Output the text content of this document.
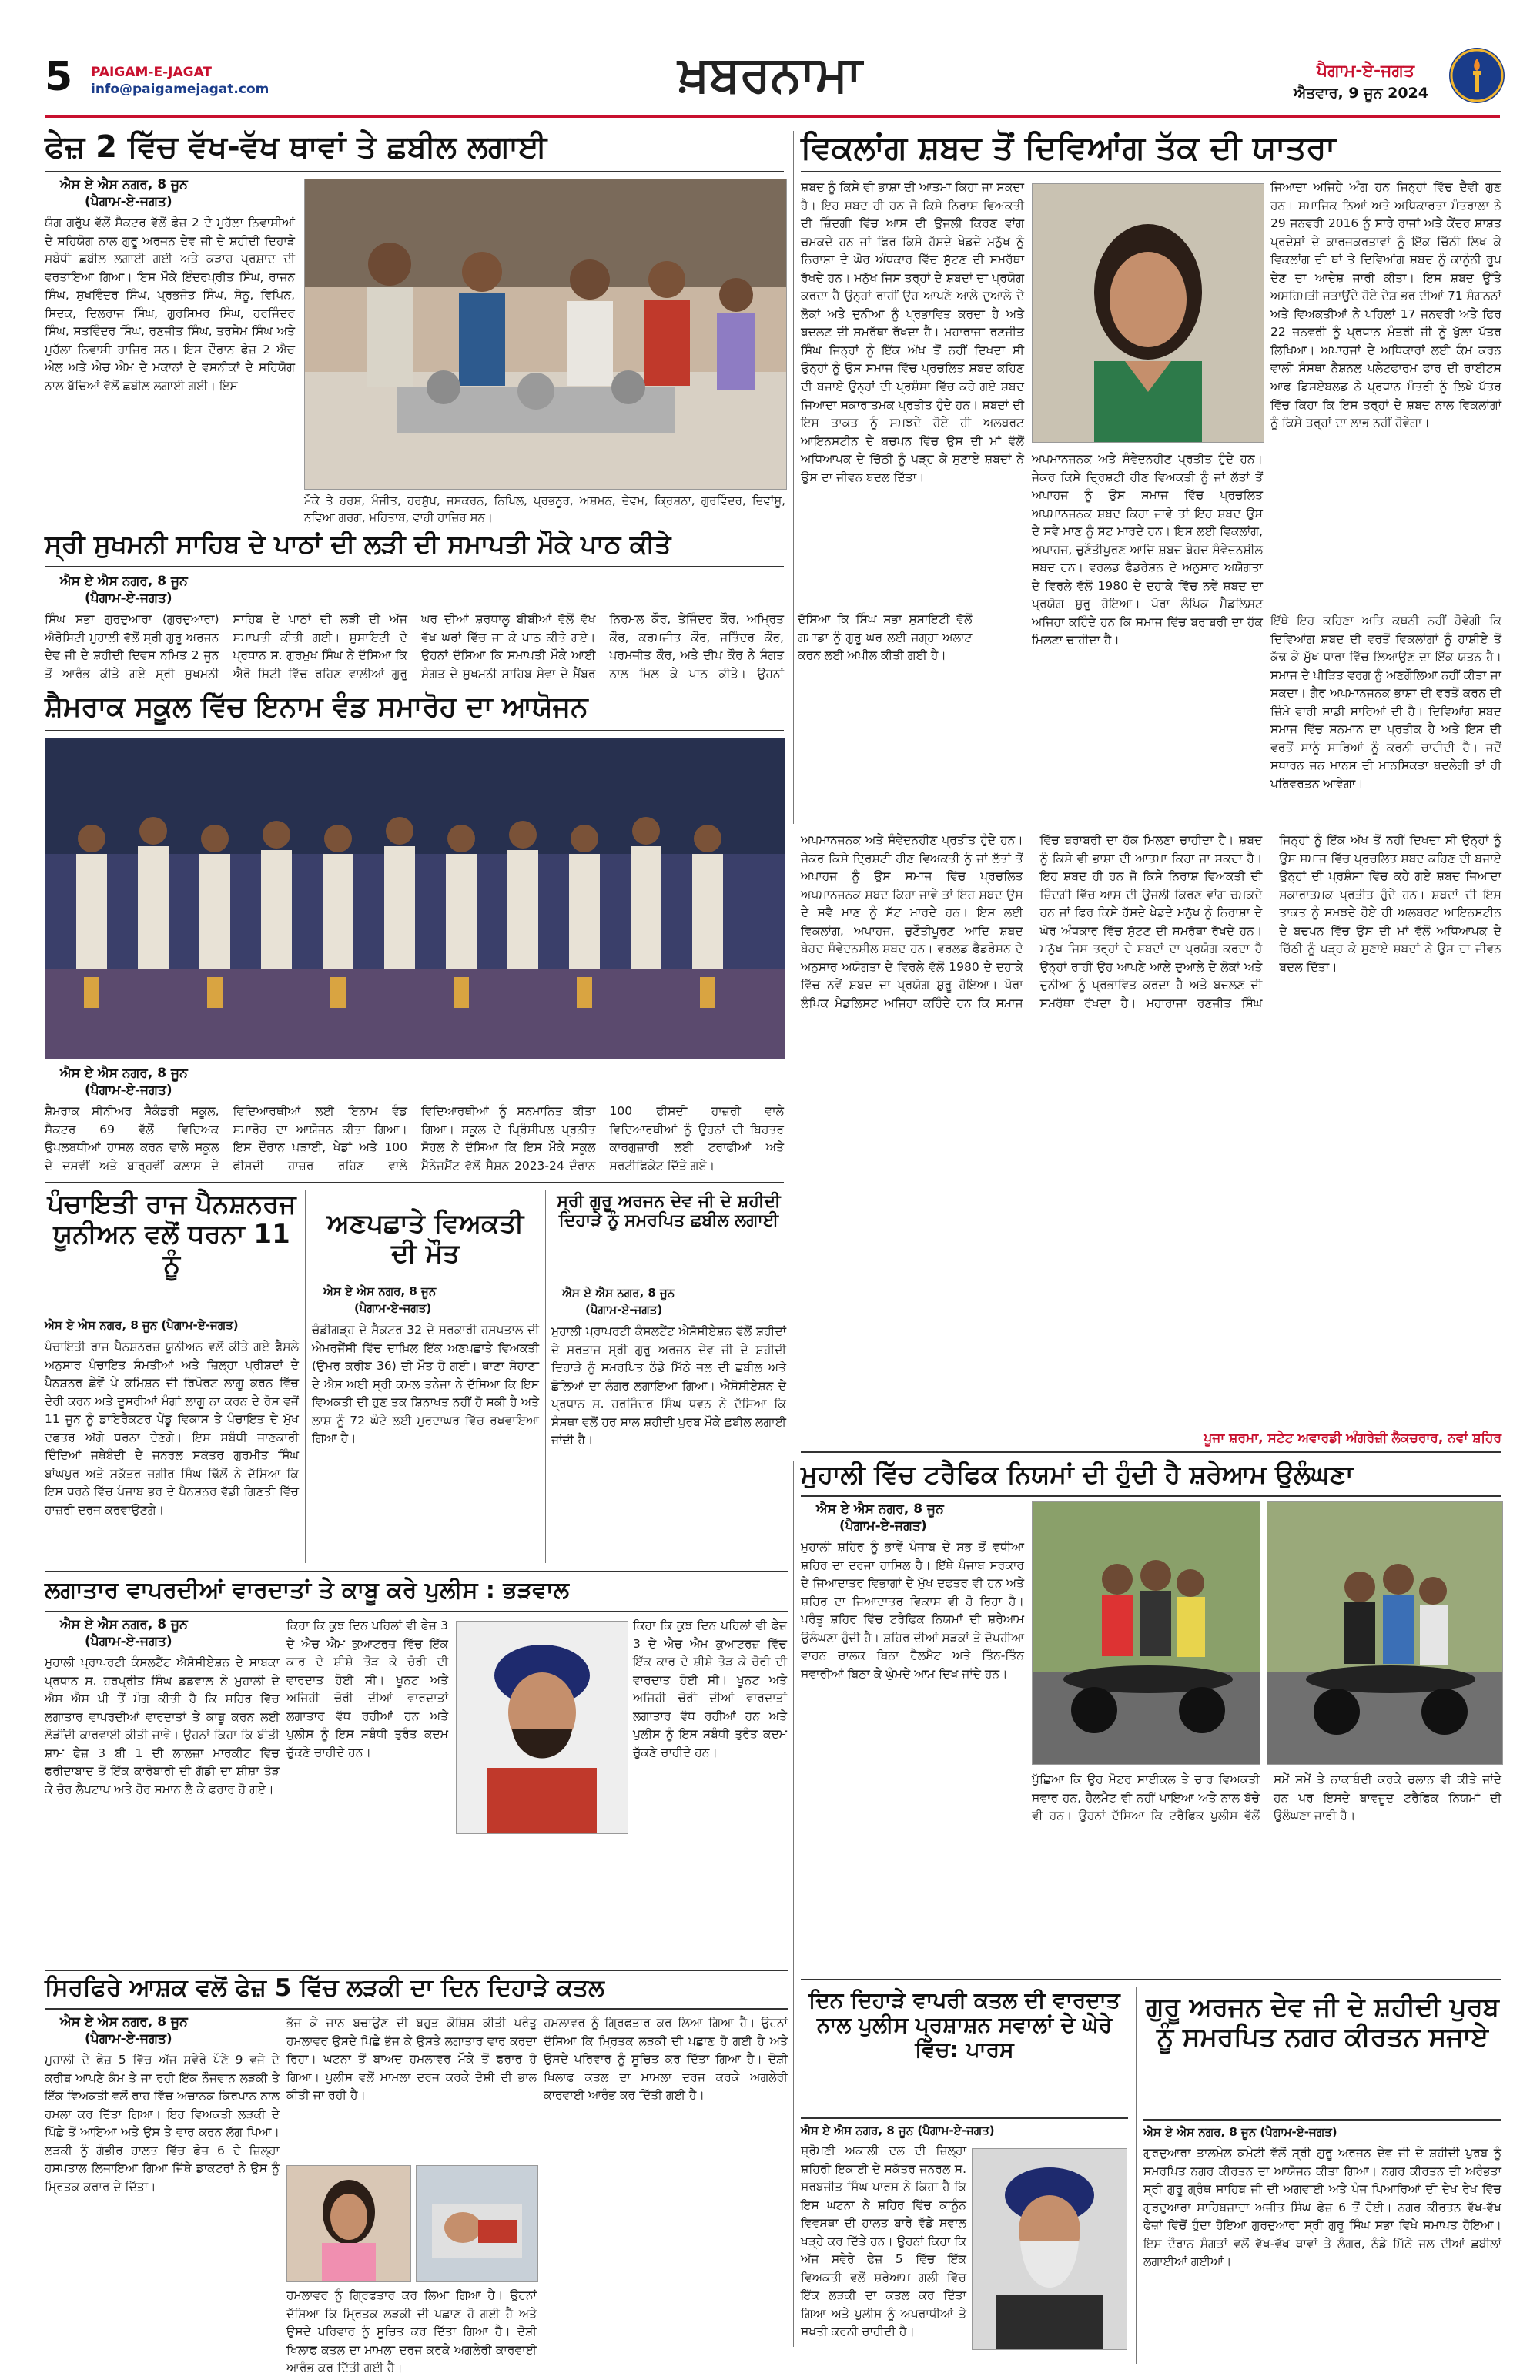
5 PAIGAM-E-JAGAT
info@paigamejagat.com	ਖ਼ਬਰਨਾਮਾ	ਪੈਗਾਮ-ਏ-ਜਗਤ
ਐਤਵਾਰ, 9 ਜੂਨ 2024
ਫੇਜ਼ 2 ਵਿੱਚ ਵੱਖ-ਵੱਖ ਥਾਵਾਂ ਤੇ ਛਬੀਲ ਲਗਾਈ
ਐਸ ਏ ਐਸ ਨਗਰ, 8 ਜੂਨ
(ਪੈਗਾਮ-ਏ-ਜਗਤ)
ਯੰਗ ਗਰੁੱਪ ਵੱਲੋਂ ਸੈਕਟਰ ਵੱਲੋਂ ਫੇਜ਼ 2 ਦੇ ਮੁਹੱਲਾ ਨਿਵਾਸੀਆਂ ਦੇ ਸਹਿਯੋਗ ਨਾਲ ਗੁਰੂ ਅਰਜਨ ਦੇਵ ਜੀ ਦੇ ਸ਼ਹੀਦੀ ਦਿਹਾੜੇ ਸਬੰਧੀ ਛਬੀਲ ਲਗਾਈ ਗਈ ਅਤੇ ਕੜਾਹ ਪ੍ਰਸ਼ਾਦ ਦੀ ਵਰਤਾਇਆ ਗਿਆ। ਇਸ ਮੌਕੇ ਇੰਦਰਪ੍ਰੀਤ ਸਿੰਘ, ਰਾਜਨ ਸਿੰਘ, ਸੁਖਵਿੰਦਰ ਸਿੰਘ, ਪ੍ਰਭਜੋਤ ਸਿੰਘ, ਸੋਨੂ, ਵਿਪਿਨ, ਸਿਦਕ, ਦਿਲਰਾਜ ਸਿੰਘ, ਗੁਰਸਿਮਰ ਸਿੰਘ, ਹਰਜਿੰਦਰ ਸਿੰਘ, ਸਤਵਿੰਦਰ ਸਿੰਘ, ਰਣਜੀਤ ਸਿੰਘ, ਤਰਸੇਮ ਸਿੰਘ ਅਤੇ ਮੁਹੱਲਾ ਨਿਵਾਸੀ ਹਾਜ਼ਿਰ ਸਨ। ਇਸ ਦੌਰਾਨ ਫੇਜ਼ 2 ਐਚ ਐਲ ਅਤੇ ਐਚ ਐਮ ਦੇ ਮਕਾਨਾਂ ਦੇ ਵਸਨੀਕਾਂ ਦੇ ਸਹਿਯੋਗ ਨਾਲ ਬੱਚਿਆਂ ਵੱਲੋਂ ਛਬੀਲ ਲਗਾਈ ਗਈ। ਇਸ
ਮੌਕੇ ਤੇ ਹਰਸ਼, ਮੰਜੀਤ, ਹਰਸ਼ੁੱਖ, ਜਸਕਰਨ, ਨਿਖਿਲ, ਪ੍ਰਭਨੂਰ, ਅਸ਼ਮਨ, ਦੇਵਮ, ਕ੍ਰਿਸ਼ਨਾ, ਗੁਰਵਿੰਦਰ, ਦਿਵਾਂਸ਼ੂ, ਨਵਿਆ ਗਰਗ, ਮਹਿਤਾਬ, ਵਾਹੀ ਹਾਜ਼ਿਰ ਸਨ।
ਸ੍ਰੀ ਸੁਖਮਨੀ ਸਾਹਿਬ ਦੇ ਪਾਠਾਂ ਦੀ ਲੜੀ ਦੀ ਸਮਾਪਤੀ ਮੌਕੇ ਪਾਠ ਕੀਤੇ
ਐਸ ਏ ਐਸ ਨਗਰ, 8 ਜੂਨ
(ਪੈਗਾਮ-ਏ-ਜਗਤ)
ਸਿੰਘ ਸਭਾ ਗੁਰਦੁਆਰਾ (ਗੁਰਦੁਆਰਾ) ਐਰੋਸਿਟੀ ਮੁਹਾਲੀ ਵੱਲੋਂ ਸ੍ਰੀ ਗੁਰੂ ਅਰਜਨ ਦੇਵ ਜੀ ਦੇ ਸ਼ਹੀਦੀ ਦਿਵਸ ਨਮਿਤ 2 ਜੂਨ ਤੋਂ ਆਰੰਭ ਕੀਤੇ ਗਏ ਸ੍ਰੀ ਸੁਖਮਨੀ ਸਾਹਿਬ ਦੇ ਪਾਠਾਂ ਦੀ ਲੜੀ ਦੀ ਅੱਜ ਸਮਾਪਤੀ ਕੀਤੀ ਗਈ। ਸੁਸਾਇਟੀ ਦੇ ਪ੍ਰਧਾਨ ਸ. ਗੁਰਮੁਖ ਸਿੰਘ ਨੇ ਦੱਸਿਆ ਕਿ ਐਰੋ ਸਿਟੀ ਵਿੱਚ ਰਹਿਣ ਵਾਲੀਆਂ ਗੁਰੂ ਘਰ ਦੀਆਂ ਸ਼ਰਧਾਲੂ ਬੀਬੀਆਂ ਵੱਲੋਂ ਵੱਖ ਵੱਖ ਘਰਾਂ ਵਿੱਚ ਜਾ ਕੇ ਪਾਠ ਕੀਤੇ ਗਏ। ਉਹਨਾਂ ਦੱਸਿਆ ਕਿ ਸਮਾਪਤੀ ਮੌਕੇ ਆਈ ਸੰਗਤ ਦੇ ਸੁਖਮਨੀ ਸਾਹਿਬ ਸੇਵਾ ਦੇ ਮੈਂਬਰ ਨਿਰਮਲ ਕੌਰ, ਤੇਜਿੰਦਰ ਕੌਰ, ਅਮ੍ਰਿਤ ਕੌਰ, ਕਰਮਜੀਤ ਕੌਰ, ਜਤਿੰਦਰ ਕੌਰ, ਪਰਮਜੀਤ ਕੌਰ, ਅਤੇ ਦੀਪ ਕੌਰ ਨੇ ਸੰਗਤ ਨਾਲ ਮਿਲ ਕੇ ਪਾਠ ਕੀਤੇ। ਉਹਨਾਂ ਦੱਸਿਆ ਕਿ ਸਿੰਘ ਸਭਾ ਸੁਸਾਇਟੀ ਵੱਲੋਂ ਗਮਾਡਾ ਨੂੰ ਗੁਰੂ ਘਰ ਲਈ ਜਗ੍ਹਾ ਅਲਾਟ ਕਰਨ ਲਈ ਅਪੀਲ ਕੀਤੀ ਗਈ ਹੈ।
ਸ਼ੈਮਰਾਕ ਸਕੂਲ ਵਿੱਚ ਇਨਾਮ ਵੰਡ ਸਮਾਰੋਹ ਦਾ ਆਯੋਜਨ
ਐਸ ਏ ਐਸ ਨਗਰ, 8 ਜੂਨ
(ਪੈਗਾਮ-ਏ-ਜਗਤ)
ਸ਼ੈਮਰਾਕ ਸੀਨੀਅਰ ਸੈਕੰਡਰੀ ਸਕੂਲ, ਸੈਕਟਰ 69 ਵੱਲੋਂ ਵਿਦਿਅਕ ਉਪਲਬਧੀਆਂ ਹਾਸਲ ਕਰਨ ਵਾਲੇ ਸਕੂਲ ਦੇ ਦਸਵੀਂ ਅਤੇ ਬਾਰ੍ਹਵੀਂ ਕਲਾਸ ਦੇ ਵਿਦਿਆਰਥੀਆਂ ਲਈ ਇਨਾਮ ਵੰਡ ਸਮਾਰੋਹ ਦਾ ਆਯੋਜਨ ਕੀਤਾ ਗਿਆ। ਇਸ ਦੌਰਾਨ ਪੜਾਈ, ਖੇਡਾਂ ਅਤੇ 100 ਫੀਸਦੀ ਹਾਜ਼ਰ ਰਹਿਣ ਵਾਲੇ ਵਿਦਿਆਰਥੀਆਂ ਨੂੰ ਸਨਮਾਨਿਤ ਕੀਤਾ ਗਿਆ। ਸਕੂਲ ਦੇ ਪ੍ਰਿੰਸੀਪਲ ਪ੍ਰਨੀਤ ਸੋਹਲ ਨੇ ਦੱਸਿਆ ਕਿ ਇਸ ਮੌਕੇ ਸਕੂਲ ਮੈਨੇਜਮੈਂਟ ਵੱਲੋਂ ਸੈਸ਼ਨ 2023-24 ਦੌਰਾਨ 100 ਫੀਸਦੀ ਹਾਜ਼ਰੀ ਵਾਲੇ ਵਿਦਿਆਰਥੀਆਂ ਨੂੰ ਉਹਨਾਂ ਦੀ ਬਿਹਤਰ ਕਾਰਗੁਜ਼ਾਰੀ ਲਈ ਟਰਾਫੀਆਂ ਅਤੇ ਸਰਟੀਫਿਕੇਟ ਦਿੱਤੇ ਗਏ।
ਪੰਚਾਇਤੀ ਰਾਜ ਪੈਨਸ਼ਨਰਜ ਯੂਨੀਅਨ ਵਲੋਂ ਧਰਨਾ 11 ਨੂੰ
ਐਸ ਏ ਐਸ ਨਗਰ, 8 ਜੂਨ (ਪੈਗਾਮ-ਏ-ਜਗਤ)
ਪੰਚਾਇਤੀ ਰਾਜ ਪੈਨਸ਼ਨਰਜ਼ ਯੂਨੀਅਨ ਵਲੋਂ ਕੀਤੇ ਗਏ ਫੈਸਲੇ ਅਨੁਸਾਰ ਪੰਚਾਇਤ ਸੰਮਤੀਆਂ ਅਤੇ ਜ਼ਿਲ੍ਹਾ ਪ੍ਰੀਸ਼ਦਾਂ ਦੇ ਪੈਨਸ਼ਨਰ ਛੇਵੇਂ ਪੇ ਕਮਿਸ਼ਨ ਦੀ ਰਿਪੋਰਟ ਲਾਗੂ ਕਰਨ ਵਿੱਚ ਦੇਰੀ ਕਰਨ ਅਤੇ ਦੂਸਰੀਆਂ ਮੰਗਾਂ ਲਾਗੂ ਨਾ ਕਰਨ ਦੇ ਰੋਸ ਵਜੋਂ 11 ਜੂਨ ਨੂੰ ਡਾਇਰੈਕਟਰ ਪੇਂਡੂ ਵਿਕਾਸ ਤੇ ਪੰਚਾਇਤ ਦੇ ਮੁੱਖ ਦਫਤਰ ਅੱਗੇ ਧਰਨਾ ਦੇਣਗੇ। ਇਸ ਸਬੰਧੀ ਜਾਣਕਾਰੀ ਦਿੰਦਿਆਂ ਜਥੇਬੰਦੀ ਦੇ ਜਨਰਲ ਸਕੱਤਰ ਗੁਰਮੀਤ ਸਿੰਘ ਬਾਂਘਪੁਰ ਅਤੇ ਸਕੱਤਰ ਜਗੀਰ ਸਿੰਘ ਢਿੱਲੋਂ ਨੇ ਦੱਸਿਆ ਕਿ ਇਸ ਧਰਨੇ ਵਿੱਚ ਪੰਜਾਬ ਭਰ ਦੇ ਪੈਨਸ਼ਨਰ ਵੱਡੀ ਗਿਣਤੀ ਵਿੱਚ ਹਾਜ਼ਰੀ ਦਰਜ ਕਰਵਾਉਣਗੇ।
ਅਣਪਛਾਤੇ ਵਿਅਕਤੀ ਦੀ ਮੌਤ
ਐਸ ਏ ਐਸ ਨਗਰ, 8 ਜੂਨ
(ਪੈਗਾਮ-ਏ-ਜਗਤ)
ਚੰਡੀਗੜ੍ਹ ਦੇ ਸੈਕਟਰ 32 ਦੇ ਸਰਕਾਰੀ ਹਸਪਤਾਲ ਦੀ ਐਮਰਜੈਂਸੀ ਵਿੱਚ ਦਾਖ਼ਿਲ ਇੱਕ ਅਣਪਛਾਤੇ ਵਿਅਕਤੀ (ਉਮਰ ਕਰੀਬ 36) ਦੀ ਮੌਤ ਹੋ ਗਈ। ਥਾਣਾ ਸੋਹਾਣਾ ਦੇ ਐਸ ਅਈ ਸ੍ਰੀ ਕਮਲ ਤਨੇਜਾ ਨੇ ਦੱਸਿਆ ਕਿ ਇਸ ਵਿਅਕਤੀ ਦੀ ਹੁਣ ਤਕ ਸ਼ਿਨਾਖਤ ਨਹੀਂ ਹੋ ਸਕੀ ਹੈ ਅਤੇ ਲਾਸ਼ ਨੂੰ 72 ਘੰਟੇ ਲਈ ਮੁਰਦਾਘਰ ਵਿੱਚ ਰਖਵਾਇਆ ਗਿਆ ਹੈ।
ਸ੍ਰੀ ਗੁਰੂ ਅਰਜਨ ਦੇਵ ਜੀ ਦੇ ਸ਼ਹੀਦੀ ਦਿਹਾੜੇ ਨੂੰ ਸਮਰਪਿਤ ਛਬੀਲ ਲਗਾਈ
ਐਸ ਏ ਐਸ ਨਗਰ, 8 ਜੂਨ
(ਪੈਗਾਮ-ਏ-ਜਗਤ)
ਮੁਹਾਲੀ ਪ੍ਰਾਪਰਟੀ ਕੰਸਲਟੈਂਟ ਐਸੋਸੀਏਸ਼ਨ ਵੱਲੋਂ ਸ਼ਹੀਦਾਂ ਦੇ ਸਰਤਾਜ ਸ੍ਰੀ ਗੁਰੂ ਅਰਜਨ ਦੇਵ ਜੀ ਦੇ ਸ਼ਹੀਦੀ ਦਿਹਾੜੇ ਨੂੰ ਸਮਰਪਿਤ ਠੰਡੇ ਮਿੱਠੇ ਜਲ ਦੀ ਛਬੀਲ ਅਤੇ ਛੋਲਿਆਂ ਦਾ ਲੰਗਰ ਲਗਾਇਆ ਗਿਆ। ਐਸੋਸੀਏਸ਼ਨ ਦੇ ਪ੍ਰਧਾਨ ਸ. ਹਰਜਿੰਦਰ ਸਿੰਘ ਧਵਨ ਨੇ ਦੱਸਿਆ ਕਿ ਸੰਸਥਾ ਵਲੋਂ ਹਰ ਸਾਲ ਸ਼ਹੀਦੀ ਪੁਰਬ ਮੌਕੇ ਛਬੀਲ ਲਗਾਈ ਜਾਂਦੀ ਹੈ।
ਵਿਕਲਾਂਗ ਸ਼ਬਦ ਤੋਂ ਦਿਵਿਆਂਗ ਤੱਕ ਦੀ ਯਾਤਰਾ
ਸ਼ਬਦ ਨੂੰ ਕਿਸੇ ਵੀ ਭਾਸ਼ਾ ਦੀ ਆਤਮਾ ਕਿਹਾ ਜਾ ਸਕਦਾ ਹੈ। ਇਹ ਸ਼ਬਦ ਹੀ ਹਨ ਜੋ ਕਿਸੇ ਨਿਰਾਸ਼ ਵਿਅਕਤੀ ਦੀ ਜ਼ਿੰਦਗੀ ਵਿੱਚ ਆਸ ਦੀ ਉਜਲੀ ਕਿਰਣ ਵਾਂਗ ਚਮਕਦੇ ਹਨ ਜਾਂ ਫਿਰ ਕਿਸੇ ਹੱਸਦੇ ਖੇਡਦੇ ਮਨੁੱਖ ਨੂੰ ਨਿਰਾਸ਼ਾ ਦੇ ਘੋਰ ਅੰਧਕਾਰ ਵਿੱਚ ਸੁੱਟਣ ਦੀ ਸਮਰੱਥਾ ਰੱਖਦੇ ਹਨ। ਮਨੁੱਖ ਜਿਸ ਤਰ੍ਹਾਂ ਦੇ ਸ਼ਬਦਾਂ ਦਾ ਪ੍ਰਯੋਗ ਕਰਦਾ ਹੈ ਉਨ੍ਹਾਂ ਰਾਹੀਂ ਉਹ ਆਪਣੇ ਆਲੇ ਦੁਆਲੇ ਦੇ ਲੋਕਾਂ ਅਤੇ ਦੁਨੀਆ ਨੂੰ ਪ੍ਰਭਾਵਿਤ ਕਰਦਾ ਹੈ ਅਤੇ ਬਦਲਣ ਦੀ ਸਮਰੱਥਾ ਰੱਖਦਾ ਹੈ। ਮਹਾਰਾਜਾ ਰਣਜੀਤ ਸਿੰਘ ਜਿਨ੍ਹਾਂ ਨੂੰ ਇੱਕ ਅੱਖ ਤੋਂ ਨਹੀਂ ਦਿਖਦਾ ਸੀ ਉਨ੍ਹਾਂ ਨੂੰ ਉਸ ਸਮਾਜ ਵਿੱਚ ਪ੍ਰਚਲਿਤ ਸ਼ਬਦ ਕਹਿਣ ਦੀ ਬਜਾਏ ਉਨ੍ਹਾਂ ਦੀ ਪ੍ਰਸ਼ੰਸਾ ਵਿੱਚ ਕਹੇ ਗਏ ਸ਼ਬਦ ਜਿਆਦਾ ਸਕਾਰਾਤਮਕ ਪ੍ਰਤੀਤ ਹੁੰਦੇ ਹਨ। ਸ਼ਬਦਾਂ ਦੀ ਇਸ ਤਾਕਤ ਨੂੰ ਸਮਝਦੇ ਹੋਏ ਹੀ ਅਲਬਰਟ ਆਇਨਸਟੀਨ ਦੇ ਬਚਪਨ ਵਿੱਚ ਉਸ ਦੀ ਮਾਂ ਵੱਲੋਂ ਅਧਿਆਪਕ ਦੇ ਚਿੱਠੀ ਨੂੰ ਪੜ੍ਹ ਕੇ ਸੁਣਾਏ ਸ਼ਬਦਾਂ ਨੇ ਉਸ ਦਾ ਜੀਵਨ ਬਦਲ ਦਿੱਤਾ।
ਅਪਮਾਨਜਨਕ ਅਤੇ ਸੰਵੇਦਨਹੀਣ ਪ੍ਰਤੀਤ ਹੁੰਦੇ ਹਨ। ਜੇਕਰ ਕਿਸੇ ਦ੍ਰਿਸ਼ਟੀ ਹੀਣ ਵਿਅਕਤੀ ਨੂੰ ਜਾਂ ਲੱਤਾਂ ਤੋਂ ਅਪਾਹਜ ਨੂੰ ਉਸ ਸਮਾਜ ਵਿੱਚ ਪ੍ਰਚਲਿਤ ਅਪਮਾਨਜਨਕ ਸ਼ਬਦ ਕਿਹਾ ਜਾਵੇ ਤਾਂ ਇਹ ਸ਼ਬਦ ਉਸ ਦੇ ਸਵੈ ਮਾਣ ਨੂੰ ਸੱਟ ਮਾਰਦੇ ਹਨ। ਇਸ ਲਈ ਵਿਕਲਾਂਗ, ਅਪਾਹਜ, ਚੁਣੌਤੀਪੂਰਣ ਆਦਿ ਸ਼ਬਦ ਬੇਹਦ ਸੰਵੇਦਨਸ਼ੀਲ ਸ਼ਬਦ ਹਨ। ਵਰਲਡ ਫੈਡਰੇਸ਼ਨ ਦੇ ਅਨੁਸਾਰ ਅਯੋਗਤਾ ਦੇ ਵਿਰਲੇ ਵੱਲੋਂ 1980 ਦੇ ਦਹਾਕੇ ਵਿੱਚ ਨਵੇਂ ਸ਼ਬਦ ਦਾ ਪ੍ਰਯੋਗ ਸ਼ੁਰੂ ਹੋਇਆ। ਪੋਰਾ ਲੰਪਿਕ ਮੈਡਲਿਸਟ ਅਜਿਹਾ ਕਹਿੰਦੇ ਹਨ ਕਿ ਸਮਾਜ ਵਿੱਚ ਬਰਾਬਰੀ ਦਾ ਹੱਕ ਮਿਲਣਾ ਚਾਹੀਦਾ ਹੈ।
ਜਿਆਦਾ ਅਜਿਹੇ ਅੰਗ ਹਨ ਜਿਨ੍ਹਾਂ ਵਿੱਚ ਦੈਵੀ ਗੁਣ ਹਨ। ਸਮਾਜਿਕ ਨਿਆਂ ਅਤੇ ਅਧਿਕਾਰਤਾ ਮੰਤਰਾਲਾ ਨੇ 29 ਜਨਵਰੀ 2016 ਨੂੰ ਸਾਰੇ ਰਾਜਾਂ ਅਤੇ ਕੇਂਦਰ ਸ਼ਾਸ਼ਤ ਪ੍ਰਦੇਸ਼ਾਂ ਦੇ ਕਾਰਜਕਰਤਾਵਾਂ ਨੂੰ ਇੱਕ ਚਿੱਠੀ ਲਿਖ ਕੇ ਵਿਕਲਾਂਗ ਦੀ ਥਾਂ ਤੇ ਦਿਵਿਆਂਗ ਸ਼ਬਦ ਨੂੰ ਕਾਨੂੰਨੀ ਰੂਪ ਦੇਣ ਦਾ ਆਦੇਸ਼ ਜਾਰੀ ਕੀਤਾ। ਇਸ ਸ਼ਬਦ ਉੱਤੇ ਅਸਹਿਮਤੀ ਜਤਾਉਂਦੇ ਹੋਏ ਦੇਸ਼ ਭਰ ਦੀਆਂ 71 ਸੰਗਠਨਾਂ ਅਤੇ ਵਿਅਕਤੀਆਂ ਨੇ ਪਹਿਲਾਂ 17 ਜਨਵਰੀ ਅਤੇ ਫਿਰ 22 ਜਨਵਰੀ ਨੂੰ ਪ੍ਰਧਾਨ ਮੰਤਰੀ ਜੀ ਨੂੰ ਖੁੱਲਾ ਪੱਤਰ ਲਿਖਿਆ। ਅਪਾਹਜਾਂ ਦੇ ਅਧਿਕਾਰਾਂ ਲਈ ਕੰਮ ਕਰਨ ਵਾਲੀ ਸੰਸਥਾ ਨੈਸ਼ਨਲ ਪਲੇਟਫਾਰਮ ਫਾਰ ਦੀ ਰਾਈਟਸ ਆਫ ਡਿਸਏਬਲਡ ਨੇ ਪ੍ਰਧਾਨ ਮੰਤਰੀ ਨੂੰ ਲਿਖੇ ਪੱਤਰ ਵਿੱਚ ਕਿਹਾ ਕਿ ਇਸ ਤਰ੍ਹਾਂ ਦੇ ਸ਼ਬਦ ਨਾਲ ਵਿਕਲਾਂਗਾਂ ਨੂੰ ਕਿਸੇ ਤਰ੍ਹਾਂ ਦਾ ਲਾਭ ਨਹੀਂ ਹੋਵੇਗਾ।
ਇੱਥੇ ਇਹ ਕਹਿਣਾ ਅਤਿ ਕਥਨੀ ਨਹੀਂ ਹੋਵੇਗੀ ਕਿ ਦਿਵਿਆਂਗ ਸ਼ਬਦ ਦੀ ਵਰਤੋਂ ਵਿਕਲਾਂਗਾਂ ਨੂੰ ਹਾਸ਼ੀਏ ਤੋਂ ਕੱਢ ਕੇ ਮੁੱਖ ਧਾਰਾ ਵਿੱਚ ਲਿਆਉਣ ਦਾ ਇੱਕ ਯਤਨ ਹੈ। ਸਮਾਜ ਦੇ ਪੀੜਿਤ ਵਰਗ ਨੂੰ ਅਣਗੌਲਿਆ ਨਹੀਂ ਕੀਤਾ ਜਾ ਸਕਦਾ। ਗੈਰ ਅਪਮਾਨਜਨਕ ਭਾਸ਼ਾ ਦੀ ਵਰਤੋਂ ਕਰਨ ਦੀ ਜ਼ਿੰਮੇ ਵਾਰੀ ਸਾਡੀ ਸਾਰਿਆਂ ਦੀ ਹੈ। ਦਿਵਿਆਂਗ ਸ਼ਬਦ ਸਮਾਜ ਵਿੱਚ ਸਨਮਾਨ ਦਾ ਪ੍ਰਤੀਕ ਹੈ ਅਤੇ ਇਸ ਦੀ ਵਰਤੋਂ ਸਾਨੂੰ ਸਾਰਿਆਂ ਨੂੰ ਕਰਨੀ ਚਾਹੀਦੀ ਹੈ। ਜਦੋਂ ਸਧਾਰਨ ਜਨ ਮਾਨਸ ਦੀ ਮਾਨਸਿਕਤਾ ਬਦਲੇਗੀ ਤਾਂ ਹੀ ਪਰਿਵਰਤਨ ਆਵੇਗਾ।
ਪੂਜਾ ਸ਼ਰਮਾ, ਸਟੇਟ ਅਵਾਰਡੀ ਅੰਗਰੇਜ਼ੀ ਲੈਕਚਰਾਰ, ਨਵਾਂ ਸ਼ਹਿਰ
ਅਪਮਾਨਜਨਕ ਅਤੇ ਸੰਵੇਦਨਹੀਣ ਪ੍ਰਤੀਤ ਹੁੰਦੇ ਹਨ। ਜੇਕਰ ਕਿਸੇ ਦ੍ਰਿਸ਼ਟੀ ਹੀਣ ਵਿਅਕਤੀ ਨੂੰ ਜਾਂ ਲੱਤਾਂ ਤੋਂ ਅਪਾਹਜ ਨੂੰ ਉਸ ਸਮਾਜ ਵਿੱਚ ਪ੍ਰਚਲਿਤ ਅਪਮਾਨਜਨਕ ਸ਼ਬਦ ਕਿਹਾ ਜਾਵੇ ਤਾਂ ਇਹ ਸ਼ਬਦ ਉਸ ਦੇ ਸਵੈ ਮਾਣ ਨੂੰ ਸੱਟ ਮਾਰਦੇ ਹਨ। ਇਸ ਲਈ ਵਿਕਲਾਂਗ, ਅਪਾਹਜ, ਚੁਣੌਤੀਪੂਰਣ ਆਦਿ ਸ਼ਬਦ ਬੇਹਦ ਸੰਵੇਦਨਸ਼ੀਲ ਸ਼ਬਦ ਹਨ। ਵਰਲਡ ਫੈਡਰੇਸ਼ਨ ਦੇ ਅਨੁਸਾਰ ਅਯੋਗਤਾ ਦੇ ਵਿਰਲੇ ਵੱਲੋਂ 1980 ਦੇ ਦਹਾਕੇ ਵਿੱਚ ਨਵੇਂ ਸ਼ਬਦ ਦਾ ਪ੍ਰਯੋਗ ਸ਼ੁਰੂ ਹੋਇਆ। ਪੋਰਾ ਲੰਪਿਕ ਮੈਡਲਿਸਟ ਅਜਿਹਾ ਕਹਿੰਦੇ ਹਨ ਕਿ ਸਮਾਜ ਵਿੱਚ ਬਰਾਬਰੀ ਦਾ ਹੱਕ ਮਿਲਣਾ ਚਾਹੀਦਾ ਹੈ। ਸ਼ਬਦ ਨੂੰ ਕਿਸੇ ਵੀ ਭਾਸ਼ਾ ਦੀ ਆਤਮਾ ਕਿਹਾ ਜਾ ਸਕਦਾ ਹੈ। ਇਹ ਸ਼ਬਦ ਹੀ ਹਨ ਜੋ ਕਿਸੇ ਨਿਰਾਸ਼ ਵਿਅਕਤੀ ਦੀ ਜ਼ਿੰਦਗੀ ਵਿੱਚ ਆਸ ਦੀ ਉਜਲੀ ਕਿਰਣ ਵਾਂਗ ਚਮਕਦੇ ਹਨ ਜਾਂ ਫਿਰ ਕਿਸੇ ਹੱਸਦੇ ਖੇਡਦੇ ਮਨੁੱਖ ਨੂੰ ਨਿਰਾਸ਼ਾ ਦੇ ਘੋਰ ਅੰਧਕਾਰ ਵਿੱਚ ਸੁੱਟਣ ਦੀ ਸਮਰੱਥਾ ਰੱਖਦੇ ਹਨ। ਮਨੁੱਖ ਜਿਸ ਤਰ੍ਹਾਂ ਦੇ ਸ਼ਬਦਾਂ ਦਾ ਪ੍ਰਯੋਗ ਕਰਦਾ ਹੈ ਉਨ੍ਹਾਂ ਰਾਹੀਂ ਉਹ ਆਪਣੇ ਆਲੇ ਦੁਆਲੇ ਦੇ ਲੋਕਾਂ ਅਤੇ ਦੁਨੀਆ ਨੂੰ ਪ੍ਰਭਾਵਿਤ ਕਰਦਾ ਹੈ ਅਤੇ ਬਦਲਣ ਦੀ ਸਮਰੱਥਾ ਰੱਖਦਾ ਹੈ। ਮਹਾਰਾਜਾ ਰਣਜੀਤ ਸਿੰਘ ਜਿਨ੍ਹਾਂ ਨੂੰ ਇੱਕ ਅੱਖ ਤੋਂ ਨਹੀਂ ਦਿਖਦਾ ਸੀ ਉਨ੍ਹਾਂ ਨੂੰ ਉਸ ਸਮਾਜ ਵਿੱਚ ਪ੍ਰਚਲਿਤ ਸ਼ਬਦ ਕਹਿਣ ਦੀ ਬਜਾਏ ਉਨ੍ਹਾਂ ਦੀ ਪ੍ਰਸ਼ੰਸਾ ਵਿੱਚ ਕਹੇ ਗਏ ਸ਼ਬਦ ਜਿਆਦਾ ਸਕਾਰਾਤਮਕ ਪ੍ਰਤੀਤ ਹੁੰਦੇ ਹਨ। ਸ਼ਬਦਾਂ ਦੀ ਇਸ ਤਾਕਤ ਨੂੰ ਸਮਝਦੇ ਹੋਏ ਹੀ ਅਲਬਰਟ ਆਇਨਸਟੀਨ ਦੇ ਬਚਪਨ ਵਿੱਚ ਉਸ ਦੀ ਮਾਂ ਵੱਲੋਂ ਅਧਿਆਪਕ ਦੇ ਚਿੱਠੀ ਨੂੰ ਪੜ੍ਹ ਕੇ ਸੁਣਾਏ ਸ਼ਬਦਾਂ ਨੇ ਉਸ ਦਾ ਜੀਵਨ ਬਦਲ ਦਿੱਤਾ।
ਮੁਹਾਲੀ ਵਿੱਚ ਟਰੈਫਿਕ ਨਿਯਮਾਂ ਦੀ ਹੁੰਦੀ ਹੈ ਸ਼ਰੇਆਮ ਉਲੰਘਣਾ
ਐਸ ਏ ਐਸ ਨਗਰ, 8 ਜੂਨ
(ਪੈਗਾਮ-ਏ-ਜਗਤ)
ਮੁਹਾਲੀ ਸ਼ਹਿਰ ਨੂੰ ਭਾਵੇਂ ਪੰਜਾਬ ਦੇ ਸਭ ਤੋਂ ਵਧੀਆ ਸ਼ਹਿਰ ਦਾ ਦਰਜਾ ਹਾਸਿਲ ਹੈ। ਇੱਥੇ ਪੰਜਾਬ ਸਰਕਾਰ ਦੇ ਜਿਆਦਾਤਰ ਵਿਭਾਗਾਂ ਦੇ ਮੁੱਖ ਦਫਤਰ ਵੀ ਹਨ ਅਤੇ ਸ਼ਹਿਰ ਦਾ ਜਿਆਦਾਤਰ ਵਿਕਾਸ ਵੀ ਹੋ ਰਿਹਾ ਹੈ। ਪਰੰਤੂ ਸ਼ਹਿਰ ਵਿੱਚ ਟਰੈਫਿਕ ਨਿਯਮਾਂ ਦੀ ਸ਼ਰੇਆਮ ਉਲੰਘਣਾ ਹੁੰਦੀ ਹੈ। ਸ਼ਹਿਰ ਦੀਆਂ ਸੜਕਾਂ ਤੇ ਦੋਪਹੀਆ ਵਾਹਨ ਚਾਲਕ ਬਿਨਾ ਹੈਲਮੈਟ ਅਤੇ ਤਿੰਨ-ਤਿੰਨ ਸਵਾਰੀਆਂ ਬਿਠਾ ਕੇ ਘੁੰਮਦੇ ਆਮ ਦਿਖ ਜਾਂਦੇ ਹਨ।
ਪੁੱਛਿਆ ਕਿ ਉਹ ਮੋਟਰ ਸਾਈਕਲ ਤੇ ਚਾਰ ਵਿਅਕਤੀ ਸਵਾਰ ਹਨ, ਹੈਲਮੈਟ ਵੀ ਨਹੀਂ ਪਾਇਆ ਅਤੇ ਨਾਲ ਬੱਚੇ ਵੀ ਹਨ। ਉਹਨਾਂ ਦੱਸਿਆ ਕਿ ਟਰੈਫਿਕ ਪੁਲੀਸ ਵੱਲੋਂ ਸਮੇਂ ਸਮੇਂ ਤੇ ਨਾਕਾਬੰਦੀ ਕਰਕੇ ਚਲਾਨ ਵੀ ਕੀਤੇ ਜਾਂਦੇ ਹਨ ਪਰ ਇਸਦੇ ਬਾਵਜੂਦ ਟਰੈਫਿਕ ਨਿਯਮਾਂ ਦੀ ਉਲੰਘਣਾ ਜਾਰੀ ਹੈ।
ਲਗਾਤਾਰ ਵਾਪਰਦੀਆਂ ਵਾਰਦਾਤਾਂ ਤੇ ਕਾਬੂ ਕਰੇ ਪੁਲੀਸ : ਭੜਵਾਲ
ਐਸ ਏ ਐਸ ਨਗਰ, 8 ਜੂਨ
(ਪੈਗਾਮ-ਏ-ਜਗਤ)
ਮੁਹਾਲੀ ਪ੍ਰਾਪਰਟੀ ਕੰਸਲਟੈਂਟ ਐਸੋਸੀਏਸ਼ਨ ਦੇ ਸਾਬਕਾ ਪ੍ਰਧਾਨ ਸ. ਹਰਪ੍ਰੀਤ ਸਿੰਘ ਡਡਵਾਲ ਨੇ ਮੁਹਾਲੀ ਦੇ ਐਸ ਐਸ ਪੀ ਤੋਂ ਮੰਗ ਕੀਤੀ ਹੈ ਕਿ ਸ਼ਹਿਰ ਵਿੱਚ ਲਗਾਤਾਰ ਵਾਪਰਦੀਆਂ ਵਾਰਦਾਤਾਂ ਤੇ ਕਾਬੂ ਕਰਨ ਲਈ ਲੋੜੀਂਦੀ ਕਾਰਵਾਈ ਕੀਤੀ ਜਾਵੇ। ਉਹਨਾਂ ਕਿਹਾ ਕਿ ਬੀਤੀ ਸ਼ਾਮ ਫੇਜ਼ 3 ਬੀ 1 ਦੀ ਲਾਲਜ਼ਾ ਮਾਰਕੀਟ ਵਿੱਚ ਫਰੀਦਾਬਾਦ ਤੋਂ ਇੱਕ ਕਾਰੋਬਾਰੀ ਦੀ ਗੱਡੀ ਦਾ ਸ਼ੀਸ਼ਾ ਤੋੜ ਕੇ ਚੋਰ ਲੈਪਟਾਪ ਅਤੇ ਹੋਰ ਸਮਾਨ ਲੈ ਕੇ ਫਰਾਰ ਹੋ ਗਏ।
ਕਿਹਾ ਕਿ ਕੁਝ ਦਿਨ ਪਹਿਲਾਂ ਵੀ ਫੇਜ਼ 3 ਦੇ ਐਚ ਐਮ ਕੁਆਟਰਜ਼ ਵਿੱਚ ਇੱਕ ਕਾਰ ਦੇ ਸ਼ੀਸ਼ੇ ਤੋੜ ਕੇ ਚੋਰੀ ਦੀ ਵਾਰਦਾਤ ਹੋਈ ਸੀ। ਖੂਨਟ ਅਤੇ ਅਜਿਹੀ ਚੋਰੀ ਦੀਆਂ ਵਾਰਦਾਤਾਂ ਲਗਾਤਾਰ ਵੱਧ ਰਹੀਆਂ ਹਨ ਅਤੇ ਪੁਲੀਸ ਨੂੰ ਇਸ ਸਬੰਧੀ ਤੁਰੰਤ ਕਦਮ ਚੁੱਕਣੇ ਚਾਹੀਦੇ ਹਨ।
ਕਿਹਾ ਕਿ ਕੁਝ ਦਿਨ ਪਹਿਲਾਂ ਵੀ ਫੇਜ਼ 3 ਦੇ ਐਚ ਐਮ ਕੁਆਟਰਜ਼ ਵਿੱਚ ਇੱਕ ਕਾਰ ਦੇ ਸ਼ੀਸ਼ੇ ਤੋੜ ਕੇ ਚੋਰੀ ਦੀ ਵਾਰਦਾਤ ਹੋਈ ਸੀ। ਖੂਨਟ ਅਤੇ ਅਜਿਹੀ ਚੋਰੀ ਦੀਆਂ ਵਾਰਦਾਤਾਂ ਲਗਾਤਾਰ ਵੱਧ ਰਹੀਆਂ ਹਨ ਅਤੇ ਪੁਲੀਸ ਨੂੰ ਇਸ ਸਬੰਧੀ ਤੁਰੰਤ ਕਦਮ ਚੁੱਕਣੇ ਚਾਹੀਦੇ ਹਨ।
ਸਿਰਫਿਰੇ ਆਸ਼ਕ ਵਲੋਂ ਫੇਜ਼ 5 ਵਿੱਚ ਲੜਕੀ ਦਾ ਦਿਨ ਦਿਹਾੜੇ ਕਤਲ
ਐਸ ਏ ਐਸ ਨਗਰ, 8 ਜੂਨ
(ਪੈਗਾਮ-ਏ-ਜਗਤ)
ਮੁਹਾਲੀ ਦੇ ਫੇਜ਼ 5 ਵਿੱਚ ਅੱਜ ਸਵੇਰੇ ਪੌਣੇ 9 ਵਜੇ ਦੇ ਕਰੀਬ ਆਪਣੇ ਕੰਮ ਤੇ ਜਾ ਰਹੀ ਇੱਕ ਨੌਜਵਾਨ ਲੜਕੀ ਤੇ ਇੱਕ ਵਿਅਕਤੀ ਵਲੋਂ ਰਾਹ ਵਿੱਚ ਅਚਾਨਕ ਕਿਰਪਾਨ ਨਾਲ ਹਮਲਾ ਕਰ ਦਿੱਤਾ ਗਿਆ। ਇਹ ਵਿਅਕਤੀ ਲੜਕੀ ਦੇ ਪਿੱਛੇ ਤੋਂ ਆਇਆ ਅਤੇ ਉਸ ਤੇ ਵਾਰ ਕਰਨ ਲੱਗ ਪਿਆ। ਲੜਕੀ ਨੂੰ ਗੰਭੀਰ ਹਾਲਤ ਵਿੱਚ ਫੇਜ਼ 6 ਦੇ ਜ਼ਿਲ੍ਹਾ ਹਸਪਤਾਲ ਲਿਜਾਇਆ ਗਿਆ ਜਿੱਥੇ ਡਾਕਟਰਾਂ ਨੇ ਉਸ ਨੂੰ ਮ੍ਰਿਤਕ ਕਰਾਰ ਦੇ ਦਿੱਤਾ।
ਭੱਜ ਕੇ ਜਾਨ ਬਚਾਉਣ ਦੀ ਬਹੁਤ ਕੋਸ਼ਿਸ਼ ਕੀਤੀ ਪਰੰਤੂ ਹਮਲਾਵਰ ਉਸਦੇ ਪਿੱਛੇ ਭੱਜ ਕੇ ਉਸਤੇ ਲਗਾਤਾਰ ਵਾਰ ਕਰਦਾ ਰਿਹਾ। ਘਟਨਾ ਤੋਂ ਬਾਅਦ ਹਮਲਾਵਰ ਮੌਕੇ ਤੋਂ ਫਰਾਰ ਹੋ ਗਿਆ। ਪੁਲੀਸ ਵਲੋਂ ਮਾਮਲਾ ਦਰਜ ਕਰਕੇ ਦੋਸ਼ੀ ਦੀ ਭਾਲ ਕੀਤੀ ਜਾ ਰਹੀ ਹੈ।
ਹਮਲਾਵਰ ਨੂੰ ਗ੍ਰਿਫਤਾਰ ਕਰ ਲਿਆ ਗਿਆ ਹੈ। ਉਹਨਾਂ ਦੱਸਿਆ ਕਿ ਮ੍ਰਿਤਕ ਲੜਕੀ ਦੀ ਪਛਾਣ ਹੋ ਗਈ ਹੈ ਅਤੇ ਉਸਦੇ ਪਰਿਵਾਰ ਨੂੰ ਸੂਚਿਤ ਕਰ ਦਿੱਤਾ ਗਿਆ ਹੈ। ਦੋਸ਼ੀ ਖਿਲਾਫ ਕਤਲ ਦਾ ਮਾਮਲਾ ਦਰਜ ਕਰਕੇ ਅਗਲੇਰੀ ਕਾਰਵਾਈ ਆਰੰਭ ਕਰ ਦਿੱਤੀ ਗਈ ਹੈ।
ਹਮਲਾਵਰ ਨੂੰ ਗ੍ਰਿਫਤਾਰ ਕਰ ਲਿਆ ਗਿਆ ਹੈ। ਉਹਨਾਂ ਦੱਸਿਆ ਕਿ ਮ੍ਰਿਤਕ ਲੜਕੀ ਦੀ ਪਛਾਣ ਹੋ ਗਈ ਹੈ ਅਤੇ ਉਸਦੇ ਪਰਿਵਾਰ ਨੂੰ ਸੂਚਿਤ ਕਰ ਦਿੱਤਾ ਗਿਆ ਹੈ। ਦੋਸ਼ੀ ਖਿਲਾਫ ਕਤਲ ਦਾ ਮਾਮਲਾ ਦਰਜ ਕਰਕੇ ਅਗਲੇਰੀ ਕਾਰਵਾਈ ਆਰੰਭ ਕਰ ਦਿੱਤੀ ਗਈ ਹੈ।
ਦਿਨ ਦਿਹਾੜੇ ਵਾਪਰੀ ਕਤਲ ਦੀ ਵਾਰਦਾਤ ਨਾਲ ਪੁਲੀਸ ਪ੍ਰਸ਼ਾਸ਼ਨ ਸਵਾਲਾਂ ਦੇ ਘੇਰੇ ਵਿੱਚ: ਪਾਰਸ
ਐਸ ਏ ਐਸ ਨਗਰ, 8 ਜੂਨ (ਪੈਗਾਮ-ਏ-ਜਗਤ)
ਸ਼੍ਰੋਮਣੀ ਅਕਾਲੀ ਦਲ ਦੀ ਜ਼ਿਲ੍ਹਾ ਸ਼ਹਿਰੀ ਇਕਾਈ ਦੇ ਸਕੱਤਰ ਜਨਰਲ ਸ. ਸਰਬਜੀਤ ਸਿੰਘ ਪਾਰਸ ਨੇ ਕਿਹਾ ਹੈ ਕਿ ਇਸ ਘਟਨਾ ਨੇ ਸ਼ਹਿਰ ਵਿੱਚ ਕਾਨੂੰਨ ਵਿਵਸਥਾ ਦੀ ਹਾਲਤ ਬਾਰੇ ਵੱਡੇ ਸਵਾਲ ਖੜ੍ਹੇ ਕਰ ਦਿੱਤੇ ਹਨ। ਉਹਨਾਂ ਕਿਹਾ ਕਿ ਅੱਜ ਸਵੇਰੇ ਫੇਜ਼ 5 ਵਿੱਚ ਇੱਕ ਵਿਅਕਤੀ ਵਲੋਂ ਸ਼ਰੇਆਮ ਗਲੀ ਵਿੱਚ ਇੱਕ ਲੜਕੀ ਦਾ ਕਤਲ ਕਰ ਦਿੱਤਾ ਗਿਆ ਅਤੇ ਪੁਲੀਸ ਨੂੰ ਅਪਰਾਧੀਆਂ ਤੇ ਸਖਤੀ ਕਰਨੀ ਚਾਹੀਦੀ ਹੈ।
ਗੁਰੂ ਅਰਜਨ ਦੇਵ ਜੀ ਦੇ ਸ਼ਹੀਦੀ ਪੁਰਬ ਨੂੰ ਸਮਰਪਿਤ ਨਗਰ ਕੀਰਤਨ ਸਜਾਏ
ਐਸ ਏ ਐਸ ਨਗਰ, 8 ਜੂਨ (ਪੈਗਾਮ-ਏ-ਜਗਤ)
ਗੁਰਦੁਆਰਾ ਤਾਲਮੇਲ ਕਮੇਟੀ ਵੱਲੋਂ ਸ੍ਰੀ ਗੁਰੂ ਅਰਜਨ ਦੇਵ ਜੀ ਦੇ ਸ਼ਹੀਦੀ ਪੁਰਬ ਨੂੰ ਸਮਰਪਿਤ ਨਗਰ ਕੀਰਤਨ ਦਾ ਆਯੋਜਨ ਕੀਤਾ ਗਿਆ। ਨਗਰ ਕੀਰਤਨ ਦੀ ਅਰੰਭਤਾ ਸ੍ਰੀ ਗੁਰੂ ਗ੍ਰੰਥ ਸਾਹਿਬ ਜੀ ਦੀ ਅਗਵਾਈ ਅਤੇ ਪੰਜ ਪਿਆਰਿਆਂ ਦੀ ਦੇਖ ਰੇਖ ਵਿੱਚ ਗੁਰਦੁਆਰਾ ਸਾਹਿਬਜ਼ਾਦਾ ਅਜੀਤ ਸਿੰਘ ਫੇਜ਼ 6 ਤੋਂ ਹੋਈ। ਨਗਰ ਕੀਰਤਨ ਵੱਖ-ਵੱਖ ਫੇਜ਼ਾਂ ਵਿੱਚੋਂ ਹੁੰਦਾ ਹੋਇਆ ਗੁਰਦੁਆਰਾ ਸ੍ਰੀ ਗੁਰੂ ਸਿੰਘ ਸਭਾ ਵਿਖੇ ਸਮਾਪਤ ਹੋਇਆ। ਇਸ ਦੌਰਾਨ ਸੰਗਤਾਂ ਵਲੋਂ ਵੱਖ-ਵੱਖ ਥਾਵਾਂ ਤੇ ਲੰਗਰ, ਠੰਡੇ ਮਿੱਠੇ ਜਲ ਦੀਆਂ ਛਬੀਲਾਂ ਲਗਾਈਆਂ ਗਈਆਂ।
